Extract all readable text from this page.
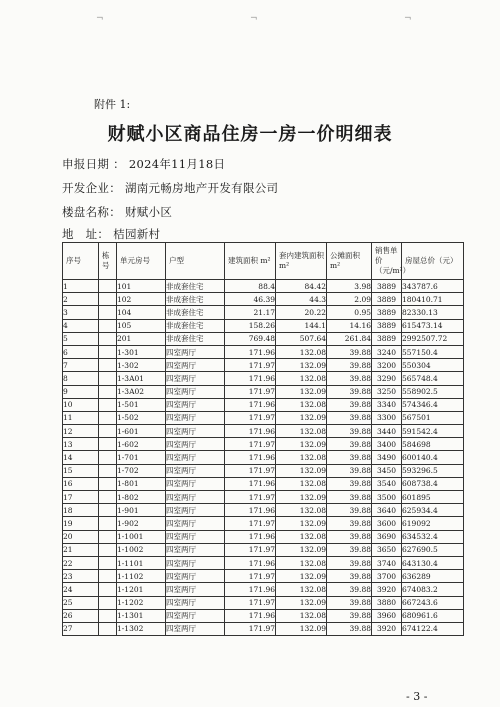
¬	¬	¬
附件 1:
财赋小区商品住房一房一价明细表
申报日期 ： 2024年11月18日
开发企业： 湖南元畅房地产开发有限公司
楼盘名称： 财赋小区
地　址： 桔园新村
序号	栋号	单元房号	户型	建筑面积 m²	套内建筑面积 m²	公摊面积 m²	销售单价（元/m²）	房屋总价（元）
1		101	非成套住宅	88.4	84.42	3.98	3889	343787.6
2		102	非成套住宅	46.39	44.3	2.09	3889	180410.71
3		104	非成套住宅	21.17	20.22	0.95	3889	82330.13
4		105	非成套住宅	158.26	144.1	14.16	3889	615473.14
5		201	非成套住宅	769.48	507.64	261.84	3889	2992507.72
6		1-301	四室两厅	171.96	132.08	39.88	3240	557150.4
7		1-302	四室两厅	171.97	132.09	39.88	3200	550304
8		1-3A01	四室两厅	171.96	132.08	39.88	3290	565748.4
9		1-3A02	四室两厅	171.97	132.09	39.88	3250	558902.5
10		1-501	四室两厅	171.96	132.08	39.88	3340	574346.4
11		1-502	四室两厅	171.97	132.09	39.88	3300	567501
12		1-601	四室两厅	171.96	132.08	39.88	3440	591542.4
13		1-602	四室两厅	171.97	132.09	39.88	3400	584698
14		1-701	四室两厅	171.96	132.08	39.88	3490	600140.4
15		1-702	四室两厅	171.97	132.09	39.88	3450	593296.5
16		1-801	四室两厅	171.96	132.08	39.88	3540	608738.4
17		1-802	四室两厅	171.97	132.09	39.88	3500	601895
18		1-901	四室两厅	171.96	132.08	39.88	3640	625934.4
19		1-902	四室两厅	171.97	132.09	39.88	3600	619092
20		1-1001	四室两厅	171.96	132.08	39.88	3690	634532.4
21		1-1002	四室两厅	171.97	132.09	39.88	3650	627690.5
22		1-1101	四室两厅	171.96	132.08	39.88	3740	643130.4
23		1-1102	四室两厅	171.97	132.09	39.88	3700	636289
24		1-1201	四室两厅	171.96	132.08	39.88	3920	674083.2
25		1-1202	四室两厅	171.97	132.09	39.88	3880	667243.6
26		1-1301	四室两厅	171.96	132.08	39.88	3960	680961.6
27		1-1302	四室两厅	171.97	132.09	39.88	3920	674122.4
- 3 -
